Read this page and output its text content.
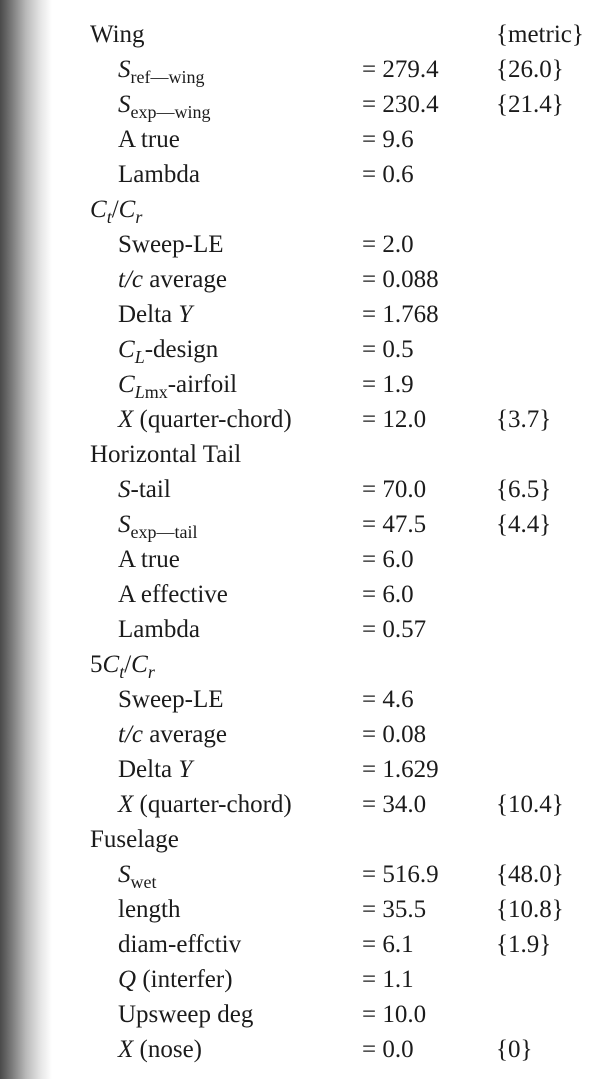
Wing	{metric}
$S_{ref—wing}$	= 279.4 {26.0}
$S_{exp—wing}$	= 230.4 {21.4}
A true	= 9.6
Lambda	= 0.6
$C_t/C_r$
Sweep-LE	= 2.0
t/c average	= 0.088
Delta Y	= 1.768
$C_L$-design	= 0.5
$C_{Lmx}$-airfoil	= 1.9
X (quarter-chord)	= 12.0	{3.7}
Horizontal Tail
S-tail	= 70.0	{6.5}
$S_{exp—tail}$	= 47.5	{4.4}
A true	= 6.0
A effective	= 6.0
Lambda	= 0.57
$5C_t/C_r$
Sweep-LE	= 4.6
t/c average	= 0.08
Delta Y	= 1.629
X (quarter-chord)	= 34.0	{10.4}
Fuselage
$S_{wet}$	= 516.9 {48.0}
length	= 35.5	{10.8}
diam-effctiv	= 6.1	{1.9}
Q (interfer)	= 1.1
Upsweep deg	= 10.0
X (nose)	= 0.0	{0}
